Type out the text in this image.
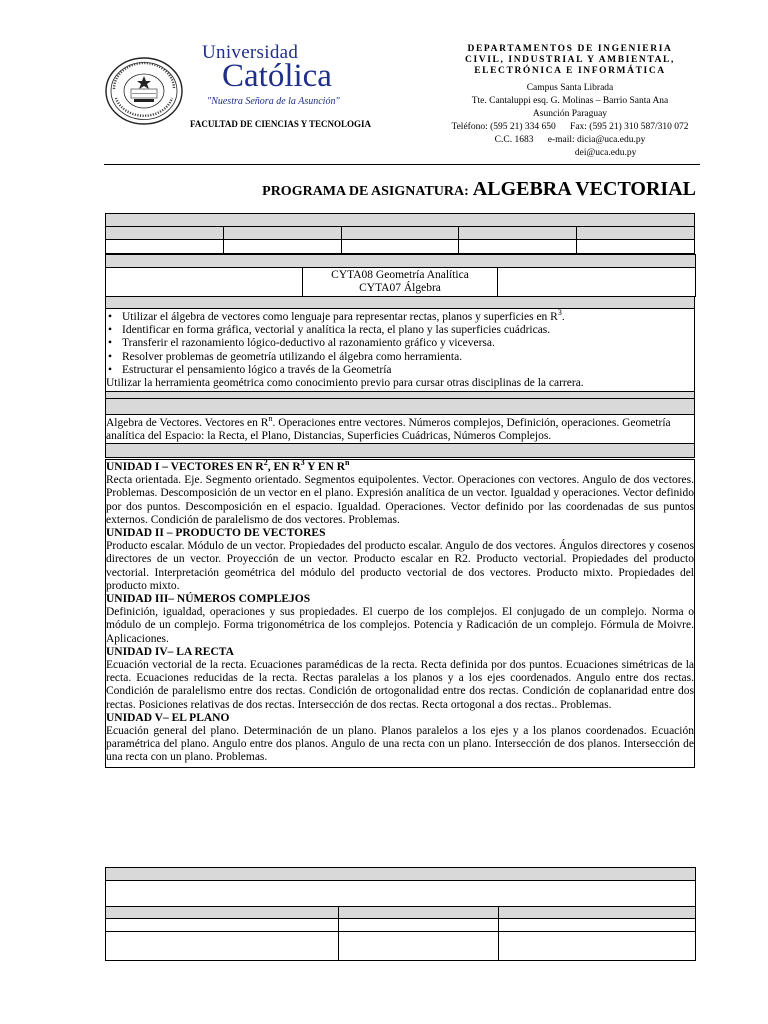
Universidad
Católica
"Nuestra Señora de la Asunción"
FACULTAD DE CIENCIAS Y TECNOLOGIA
DEPARTAMENTOS DE INGENIERIA
CIVIL, INDUSTRIAL Y AMBIENTAL,
ELECTRÓNICA E INFORMÁTICA
Campus Santa Librada
Tte. Cantaluppi esq. G. Molinas – Barrio Santa Ana
Asunción Paraguay
Teléfono: (595 21) 334 650      Fax: (595 21) 310 587/310 072
C.C. 1683      e-mail: dicia@uca.edu.py
dei@uca.edu.py
PROGRAMA DE ASIGNATURA: ALGEBRA VECTORIAL

CYTA08 Geometría Analítica
CYTA07 Álgebra

• Utilizar el álgebra de vectores como lenguaje para representar rectas, planos y superficies en $R^3$.
• Identificar en forma gráfica, vectorial y analítica la recta, el plano y las superficies cuádricas.
• Transferir el razonamiento lógico-deductivo al razonamiento gráfico y viceversa.
• Resolver problemas de geometría utilizando el álgebra como herramienta.
• Estructurar el pensamiento lógico a través de la Geometría
Utilizar la herramienta geométrica como conocimiento previo para cursar otras disciplinas de la carrera.

Algebra de Vectores. Vectores en $R^n$. Operaciones entre vectores. Números complejos, Definición, operaciones. Geometría analítica del Espacio: la Recta, el Plano, Distancias, Superficies Cuádricas, Números Complejos.

UNIDAD I – VECTORES EN $R^2$, EN $R^3$ Y EN $R^n$
Recta orientada. Eje. Segmento orientado. Segmentos equipolentes. Vector. Operaciones con vectores. Angulo de dos vectores. Problemas. Descomposición de un vector en el plano. Expresión analítica de un vector. Igualdad y operaciones. Vector definido por dos puntos. Descomposición en el espacio. Igualdad. Operaciones. Vector definido por las coordenadas de sus puntos externos. Condición de paralelismo de dos vectores. Problemas.
UNIDAD II – PRODUCTO DE VECTORES
Producto escalar. Módulo de un vector. Propiedades del producto escalar. Angulo de dos vectores. Ángulos directores y cosenos directores de un vector. Proyección de un vector. Producto escalar en R2. Producto vectorial. Propiedades del producto vectorial. Interpretación geométrica del módulo del producto vectorial de dos vectores. Producto mixto. Propiedades del producto mixto.
UNIDAD III– NÚMEROS COMPLEJOS
Definición, igualdad, operaciones y sus propiedades. El cuerpo de los complejos. El conjugado de un complejo. Norma o módulo de un complejo. Forma trigonométrica de los complejos. Potencia y Radicación de un complejo. Fórmula de Moivre. Aplicaciones.
UNIDAD IV– LA RECTA
Ecuación vectorial de la recta. Ecuaciones paramédicas de la recta. Recta definida por dos puntos. Ecuaciones simétricas de la recta. Ecuaciones reducidas de la recta. Rectas paralelas a los planos y a los ejes coordenados. Angulo entre dos rectas. Condición de paralelismo entre dos rectas. Condición de ortogonalidad entre dos rectas. Condición de coplanaridad entre dos rectas. Posiciones relativas de dos rectas. Intersección de dos rectas. Recta ortogonal a dos rectas.. Problemas.
UNIDAD V– EL PLANO
Ecuación general del plano. Determinación de un plano. Planos paralelos a los ejes y a los planos coordenados. Ecuación paramétrica del plano. Angulo entre dos planos. Angulo de una recta con un plano. Intersección de dos planos. Intersección de una recta con un plano. Problemas.
